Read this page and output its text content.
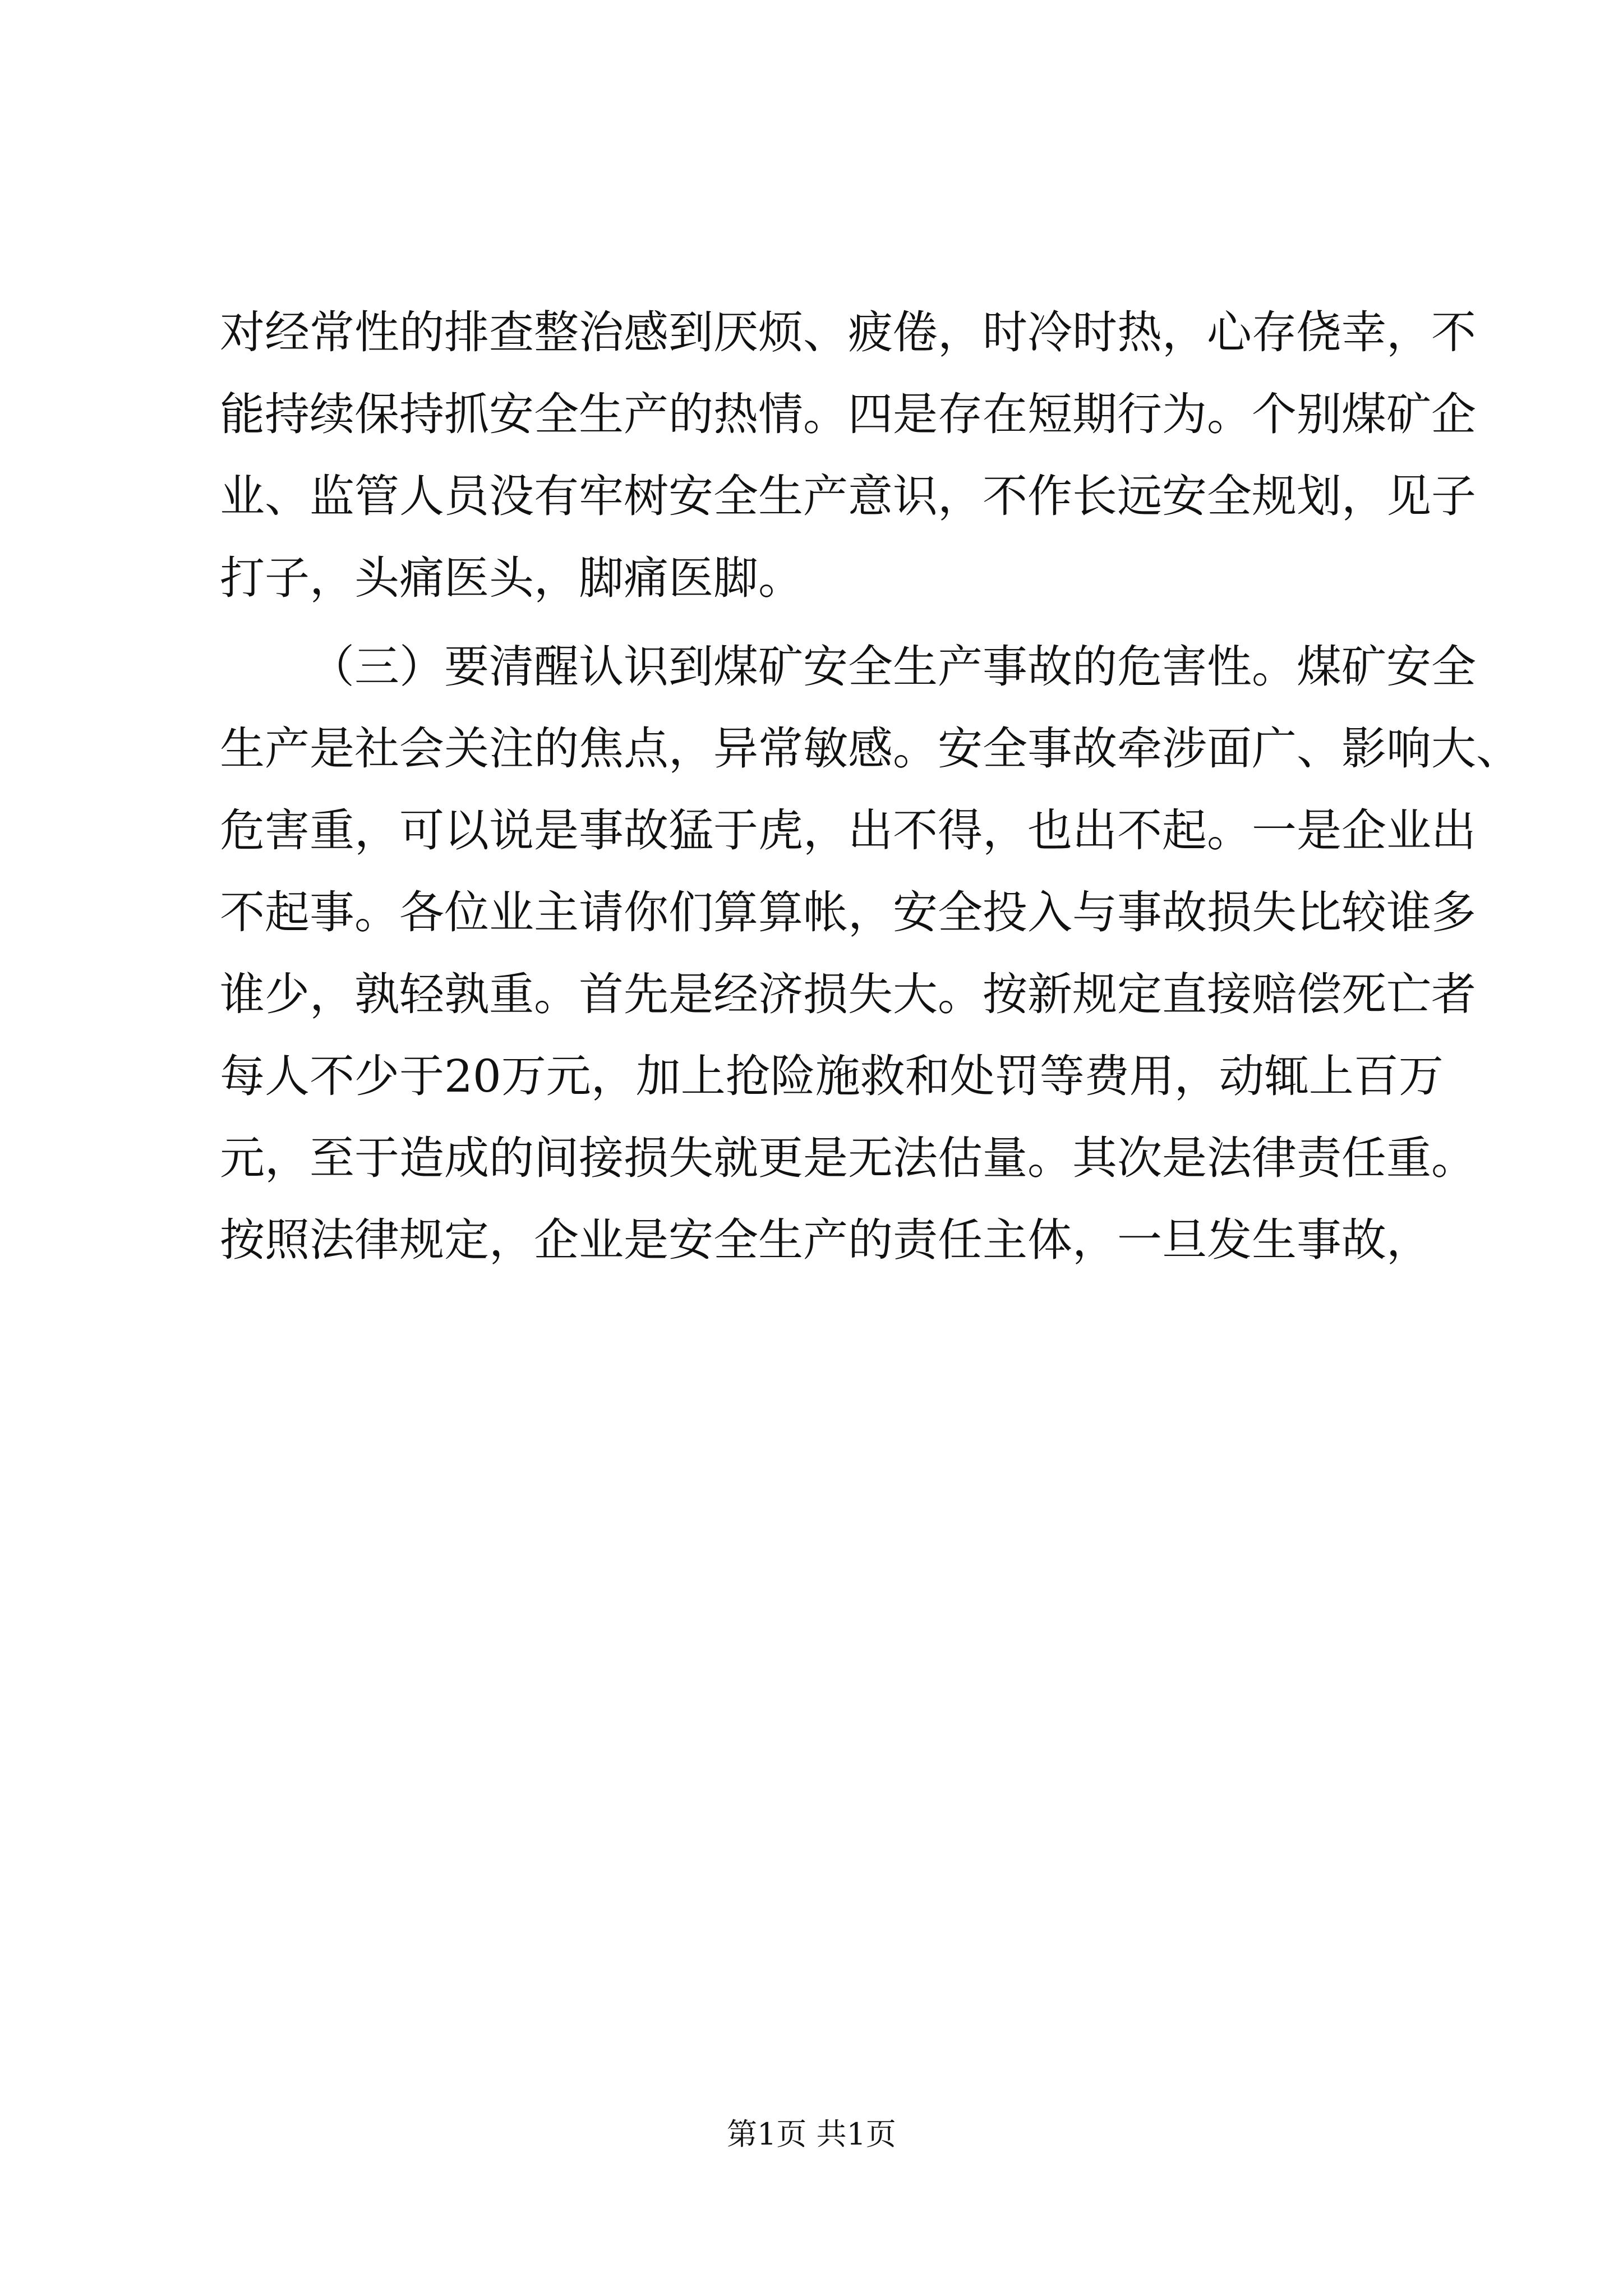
对经常性的排查整治感到厌烦、疲倦，时冷时热，心存侥幸，不
能持续保持抓安全生产的热情。四是存在短期行为。个别煤矿企
业、监管人员没有牢树安全生产意识，不作长远安全规划，见子
打子，头痛医头，脚痛医脚。
（三）要清醒认识到煤矿安全生产事故的危害性。煤矿安全
生产是社会关注的焦点，异常敏感。安全事故牵涉面广、影响大、
危害重，可以说是事故猛于虎，出不得，也出不起。一是企业出
不起事。各位业主请你们算算帐，安全投入与事故损失比较谁多
谁少，孰轻孰重。首先是经济损失大。按新规定直接赔偿死亡者
每人不少于20万元，加上抢险施救和处罚等费用，动辄上百万
元，至于造成的间接损失就更是无法估量。其次是法律责任重。
按照法律规定，企业是安全生产的责任主体，一旦发生事故，
第1页 共1页
